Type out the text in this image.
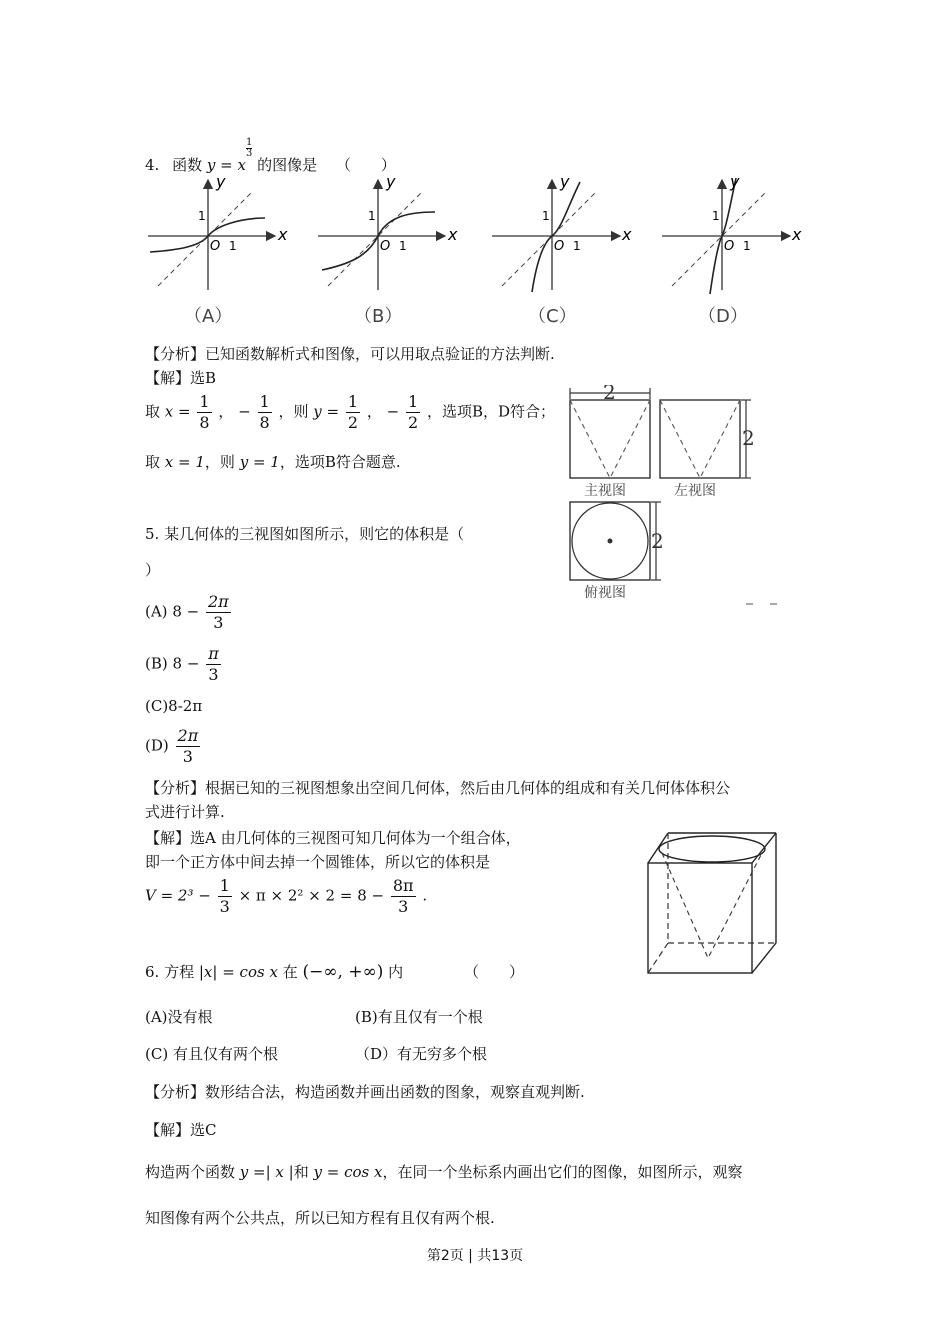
4. 函数 y = x
$\frac{1}{3}$
的图像是 （　　）
y
x
1
1
O
（A）
y
x
1
1
O
（B）
y
x
1
1
O
（C）
y
x
1
1
O
（D）
【分析】已知函数解析式和图像，可以用取点验证的方法判断.
【解】选B
取 $x = \frac{1}{8}$ ， − $\frac{1}{8}$ ，则 $y = \frac{1}{2}$ ， − $\frac{1}{2}$ ，选项B，D符合；
取 x = 1，则 y = 1，选项B符合题意.
2
主视图
2
左视图
2
俯视图
5. 某几何体的三视图如图所示，则它的体积是（
）
(A) $8 - \frac{2\pi}{3}$
(B) $8 - \frac{\pi}{3}$
(C)8-2π
$(D) \frac{2\pi}{3}$
【分析】根据已知的三视图想象出空间几何体，然后由几何体的组成和有关几何体体积公
式进行计算.
【解】选A 由几何体的三视图可知几何体为一个组合体，
即一个正方体中间去掉一个圆锥体，所以它的体积是
$V = 2^3 - \frac{1}{3} \times \pi \times 2^2 \times 2 = 8 - \frac{8\pi}{3}$ .
6. 方程 |x| = cos x 在 (−∞, +∞) 内	（　　）
(A)没有根	(B)有且仅有一个根
(C) 有且仅有两个根	（D）有无穷多个根
【分析】数形结合法，构造函数并画出函数的图象，观察直观判断.
【解】选C
构造两个函数 y =| x |和 y = cos x，在同一个坐标系内画出它们的图像，如图所示，观察
知图像有两个公共点，所以已知方程有且仅有两个根.
第2页 | 共13页
